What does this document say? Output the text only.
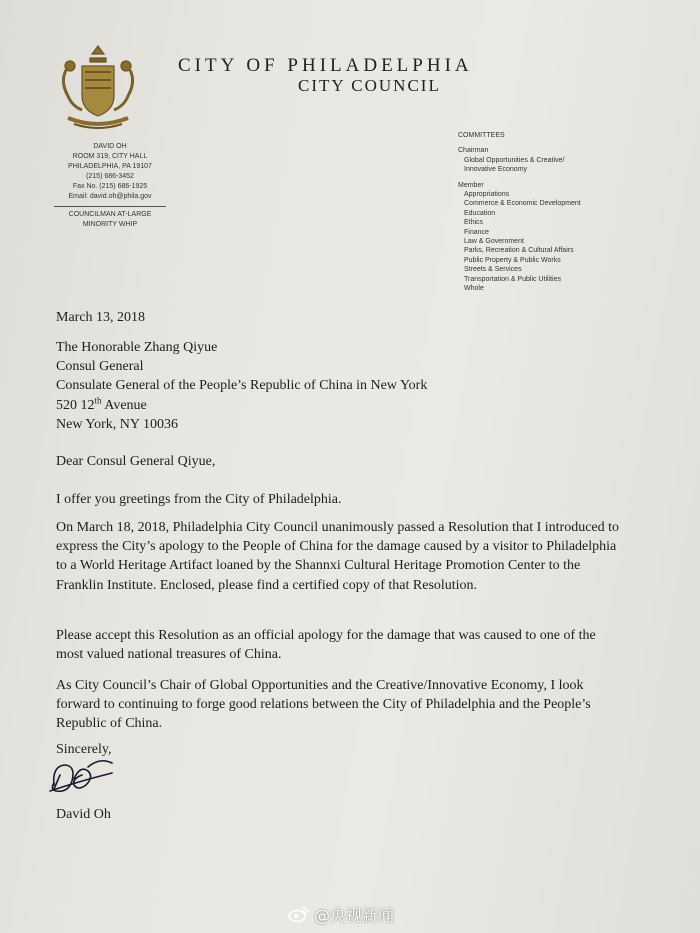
CITY OF PHILADELPHIA
CITY COUNCIL
DAVID OH
ROOM 319, CITY HALL
PHILADELPHIA, PA 19107
(215) 686-3452
Fax No. (215) 686-1925
Email: david.oh@phila.gov
COUNCILMAN AT-LARGE
MINORITY WHIP
COMMITTEES
Chairman
Global Opportunities & Creative/
Innovative Economy
Member
Appropriations
Commerce & Economic Development
Education
Ethics
Finance
Law & Government
Parks, Recreation & Cultural Affairs
Public Property & Public Works
Streets & Services
Transportation & Public Utilities
Whole
March 13, 2018
The Honorable Zhang Qiyue
Consul General
Consulate General of the People’s Republic of China in New York
520 12th Avenue
New York, NY 10036
Dear Consul General Qiyue,
I offer you greetings from the City of Philadelphia.
On March 18, 2018, Philadelphia City Council unanimously passed a Resolution that I introduced to express the City’s apology to the People of China for the damage caused by a visitor to Philadelphia to a World Heritage Artifact loaned by the Shannxi Cultural Heritage Promotion Center to the Franklin Institute. Enclosed, please find a certified copy of that Resolution.
Please accept this Resolution as an official apology for the damage that was caused to one of the most valued national treasures of China.
As City Council’s Chair of Global Opportunities and the Creative/Innovative Economy, I look forward to continuing to forge good relations between the City of Philadelphia and the People’s Republic of China.
Sincerely,
David Oh
@央视新闻
